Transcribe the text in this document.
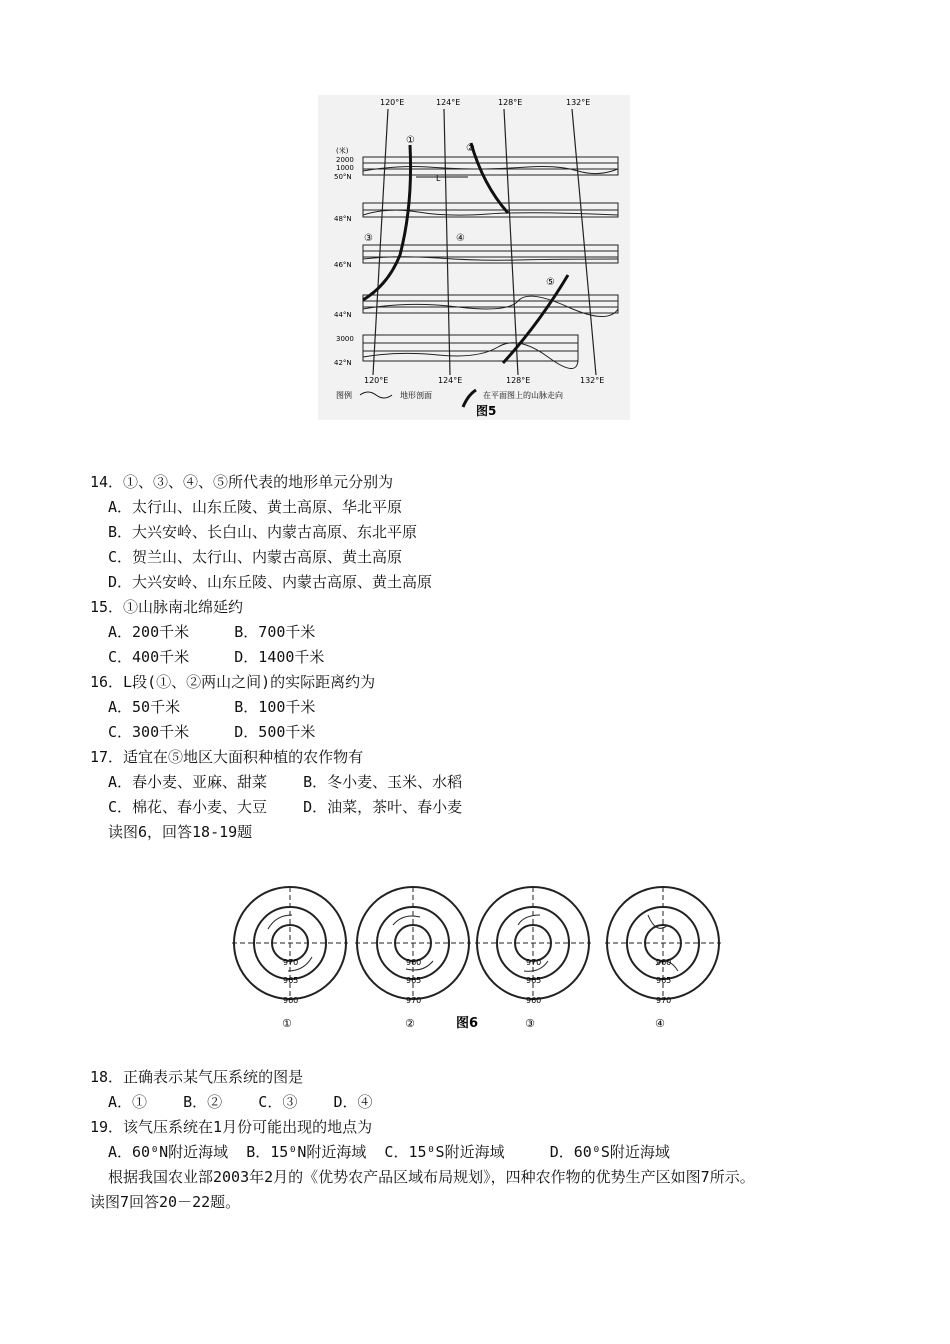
120°E	124°E	128°E	132°E
50°N
48°N
46°N
44°N
42°N
(米)
2000
1000
3000
①
②
③	④
⑤
L
120°E	124°E	128°E	132°E
图例	地形剖面	在平面图上的山脉走向
图5
14．①、③、④、⑤所代表的地形单元分别为
A．太行山、山东丘陵、黄土高原、华北平原
B．大兴安岭、长白山、内蒙古高原、东北平原
C．贺兰山、太行山、内蒙古高原、黄土高原
D．大兴安岭、山东丘陵、内蒙古高原、黄土高原
15．①山脉南北绵延约
A．200千米     B．700千米
C．400千米     D．1400千米
16．L段(①、②两山之间)的实际距离约为
A．50千米      B．100千米
C．300千米     D．500千米
17．适宜在⑤地区大面积种植的农作物有
A．春小麦、亚麻、甜菜    B．冬小麦、玉米、水稻
C．棉花、春小麦、大豆    D．油菜，茶叶、春小麦
读图6，回答18-19题
970
965
960
①
960
965
970
②
970
965
960
③
960
965
970
④
图6
18．正确表示某气压系统的图是
A．①    B．②    C．③    D．④
19．该气压系统在1月份可能出现的地点为
A．60⁰N附近海域  B．15⁰N附近海域  C．15⁰S附近海域     D．60⁰S附近海域
根据我国农业部2003年2月的《优势农产品区域布局规划》，四种农作物的优势生产区如图7所示。
读图7回答20－22题。
